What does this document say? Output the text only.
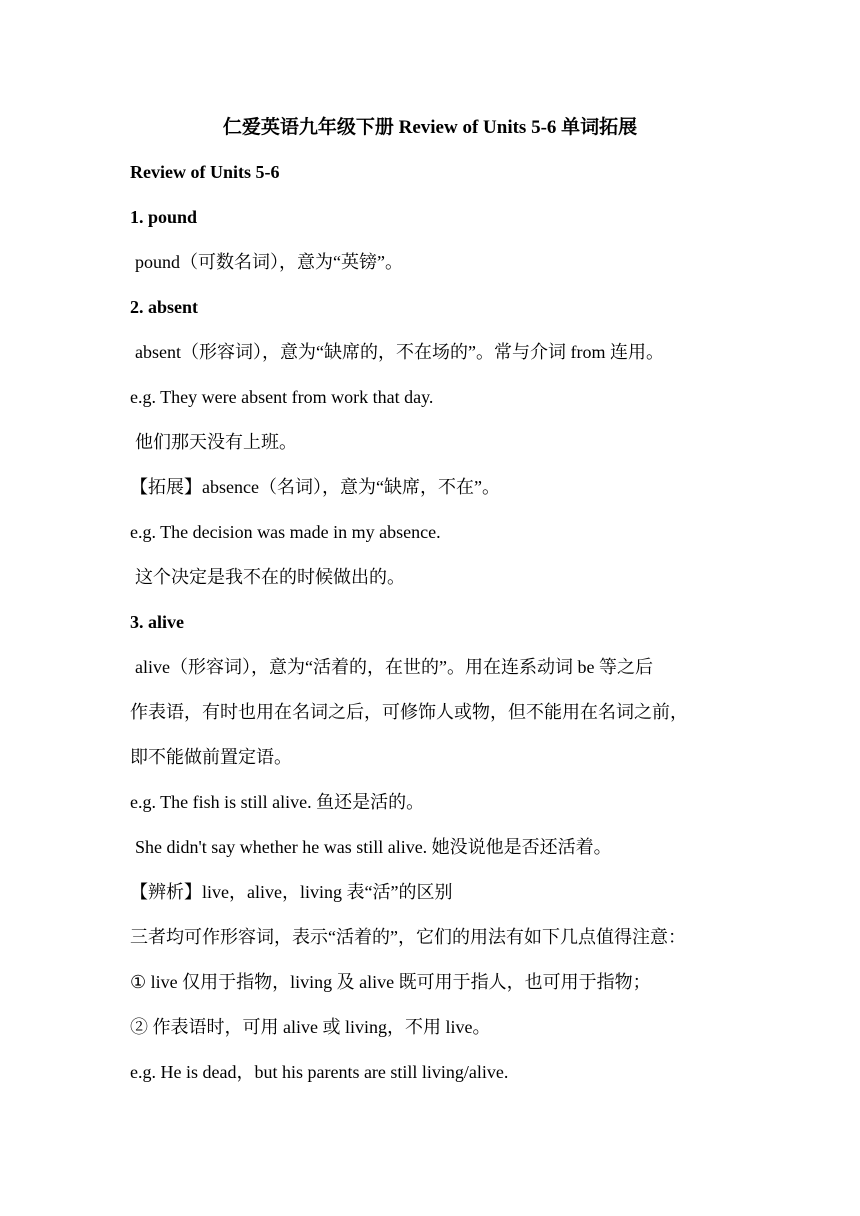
仁爱英语九年级下册 Review of Units 5-6 单词拓展
Review of Units 5-6
1. pound
pound（可数名词），意为“英镑”。
2. absent
absent（形容词），意为“缺席的，不在场的”。常与介词 from 连用。
e.g. They were absent from work that day.
他们那天没有上班。
【拓展】absence（名词），意为“缺席，不在”。
e.g. The decision was made in my absence.
这个决定是我不在的时候做出的。
3. alive
alive（形容词），意为“活着的，在世的”。用在连系动词 be 等之后
作表语，有时也用在名词之后，可修饰人或物，但不能用在名词之前，
即不能做前置定语。
e.g. The fish is still alive. 鱼还是活的。
She didn't say whether he was still alive. 她没说他是否还活着。
【辨析】live，alive，living 表“活”的区别
三者均可作形容词，表示“活着的”，它们的用法有如下几点值得注意：
① live 仅用于指物，living 及 alive 既可用于指人，也可用于指物；
② 作表语时，可用 alive 或 living，不用 live。
e.g. He is dead，but his parents are still living/alive.
